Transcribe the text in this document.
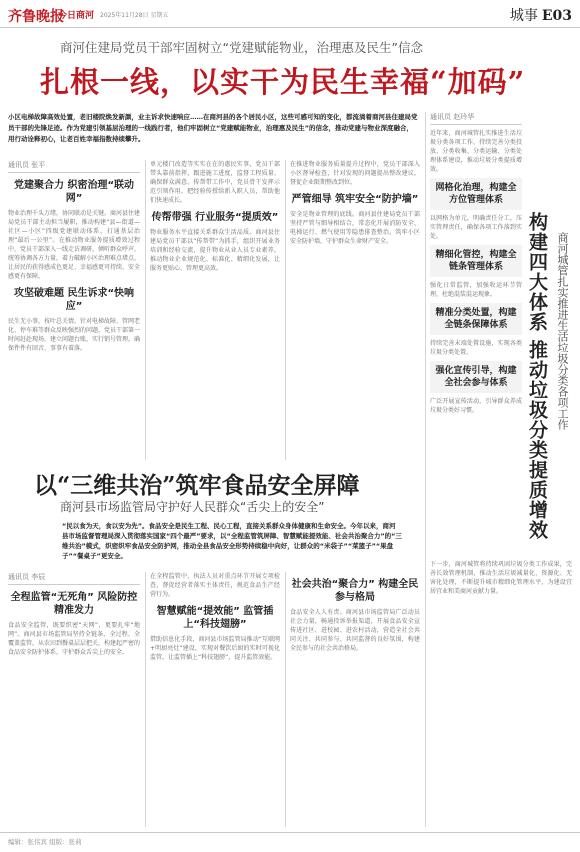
齐鲁晚报
今日商河 2025年11月28日 星期五	城事 E03
商河住建局党员干部牢固树立“党建赋能物业，治理惠及民生”信念
扎根一线，以实干为民生幸福“加码”
小区电梯故障高效处置，老旧楼院焕发新颜，业主诉求快速响应……在商河县的各个居民小区，这些可感可知的变化，都流淌着商河县住建局党员干部的先锋足迹。作为党建引领基层治理的一线践行者，他们牢固树立“党建赋能物业，治理惠及民生”的信念，推动党建与物业深度融合，用行动诠释初心，让老百姓幸福指数持续攀升。
通讯员 张平
党建聚合力 织密治理“联动网”
物业治理千头万绪，协同联动是关键。商河县住建局党员干部主动担当履职，推动构建“县—街道—社区—小区”四级党建联动体系，打通基层治理“最后一公里”。在推动物业服务提质增效过程中，党员干部深入一线走访调研，倾听群众呼声，统筹协调各方力量，着力破解小区治理难点堵点，让居民的获得感成色更足、幸福感更可持续、安全感更有保障。
攻坚破难题 民生诉求“快响应”
民生无小事，枝叶总关情。针对电梯故障、管网老化、停车难等群众反映强烈的问题，党员干部第一时间赶赴现场，建立问题台账，实行销号管理，确保件件有回音、事事有着落。
单元楼门改造等实实在在的惠民实事，党员干部带头靠前指挥，跟进施工进度，监督工程质量，确保群众满意。传帮带工作中，党员骨干发挥示范引领作用，把经验传授给新入职人员，帮助他们快速成长。
传帮带强 行业服务“提质效”
物业服务水平直接关系群众生活品质。商河县住建局党员干部以“传帮带”为抓手，组织开展业务培训和经验交流，提升物业从业人员专业素养，推动物业企业规范化、标准化、精细化发展，让服务更贴心、管理更高效。
在推进物业服务质量提升过程中，党员干部深入小区督导检查，针对发现的问题提出整改建议，督促企业限期整改到位。
严管细导 筑牢安全“防护墙”
安全是物业管理的底线。商河县住建局党员干部坚持严管与细导相结合，常态化开展消防安全、电梯运行、燃气使用等隐患排查整治，筑牢小区安全防护墙，守护群众生命财产安全。
通讯员 赵玲华
近年来，商河城管扎实推进生活垃圾分类各项工作，持续完善分类投放、分类收集、分类运输、分类处理体系建设，推动垃圾分类提质增效。
网格化治理，构建全方位管理体系
以网格为单元，明确责任分工，压实管理责任，确保各项工作落到实处。
精细化管控，构建全链条管理体系
强化日常监管，加强收运环节管理，杜绝混装混运现象。
精准分类处置，构建全链条保障体系
持续完善末端处置设施，实现各类垃圾分类处置。
强化宣传引导，构建全社会参与体系
广泛开展宣传活动，引导群众养成垃圾分类好习惯。	构建四大体系 推动垃圾分类提质增效 商河城管扎实推进生活垃圾分类各项工作
以“三维共治”筑牢食品安全屏障
商河县市场监管局守护好人民群众“舌尖上的安全”
“民以食为天，食以安为先”。食品安全是民生工程、民心工程，直接关系群众身体健康和生命安全。今年以来，商河县市场监督管理局深入贯彻落实国家“四个最严”要求，以“全程监管筑屏障、智慧赋能提效能、社会共治聚合力”的“三维共治”模式，织密织牢食品安全防护网，推动全县食品安全形势持续稳中向好，让群众的“米袋子”“菜篮子”“果盘子”“餐桌子”更安全。
通讯员 李辰
全程监管“无死角” 风险防控精准发力
食品安全监管，既要织密“天网”，更要扎牢“地网”。商河县市场监管局坚持全链条、全过程、全覆盖监管，从农田到餐桌层层把关，构建起严密的食品安全防护体系，守护群众舌尖上的安全。
在全程监管中，执法人员对重点环节开展专项检查，督促经营者落实主体责任，规范食品生产经营行为。
智慧赋能“提效能” 监管插上“科技翅膀”
借助信息化手段，商河县市场监管局推动“互联网+明厨亮灶”建设，实现对餐饮后厨的实时可视化监管，让监管插上“科技翅膀”，提升监管效能。
社会共治“聚合力” 构建全民参与格局
食品安全人人有责。商河县市场监管局广泛动员社会力量，畅通投诉举报渠道，开展食品安全宣传进社区、进校园、进农村活动，营造全社会共同关注、共同参与、共同监督的良好氛围，构建全民参与的社会共治格局。
下一步，商河城管将持续巩固垃圾分类工作成果，完善长效管理机制，推动生活垃圾减量化、资源化、无害化处理，不断提升城市精细化管理水平，为建设宜居宜业和美商河贡献力量。
编辑：张伟宾 组版：张莉
